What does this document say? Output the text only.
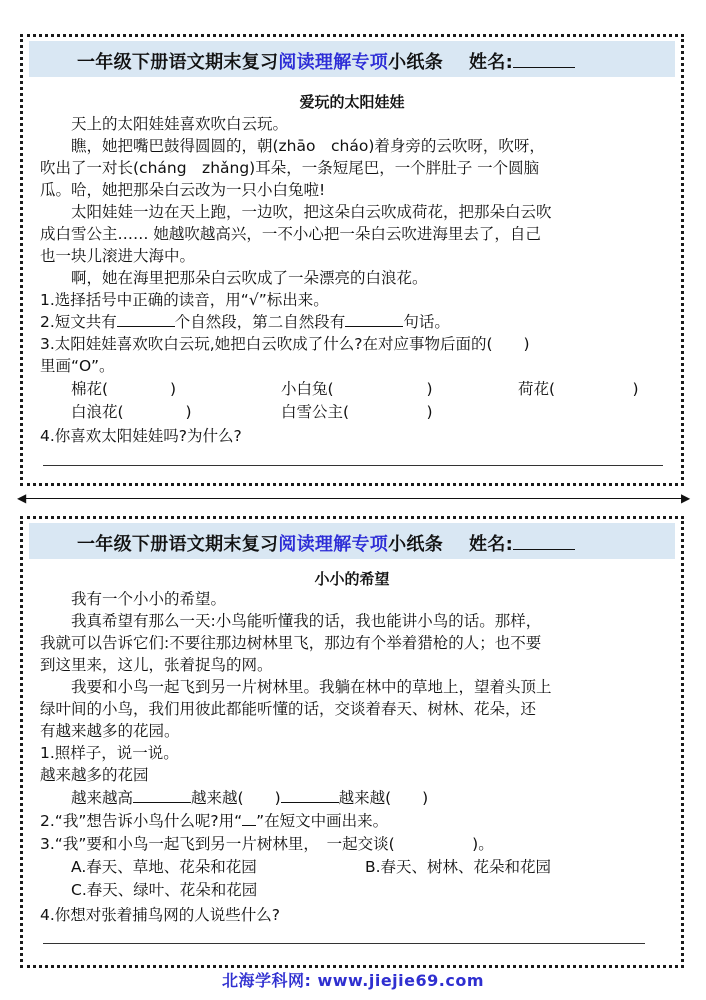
一年级下册语文期末复习阅读理解专项小纸条 姓名:
爱玩的太阳娃娃
天上的太阳娃娃喜欢吹白云玩。
瞧，她把嘴巴鼓得圆圆的，朝(zhāo　cháo)着身旁的云吹呀，吹呀，
吹出了一对长(cháng　zhǎng)耳朵，一条短尾巴，一个胖肚子 一个圆脑
瓜。哈，她把那朵白云改为一只小白兔啦!
太阳娃娃一边在天上跑，一边吹，把这朵白云吹成荷花，把那朵白云吹
成白雪公主…… 她越吹越高兴，一不小心把一朵白云吹进海里去了，自己
也一块儿滚进大海中。
啊，她在海里把那朵白云吹成了一朵漂亮的白浪花。
1.选择括号中正确的读音，用“√”标出来。
2.短文共有	个自然段，第二自然段有	句话。
3.太阳娃娃喜欢吹白云玩,她把白云吹成了什么?在对应事物后面的(　　)
里画“O”。
棉花(　　　　)	小白兔(　　　　　　)	荷花(　　　　　)
白浪花(　　　　)	白雪公主(　　　　　)
4.你喜欢太阳娃娃吗?为什么?
◀	▶
一年级下册语文期末复习阅读理解专项小纸条 姓名:
小小的希望
我有一个小小的希望。
我真希望有那么一天:小鸟能听懂我的话，我也能讲小鸟的话。那样，
我就可以告诉它们:不要往那边树林里飞，那边有个举着猎枪的人；也不要
到这里来，这儿，张着捉鸟的网。
我要和小鸟一起飞到另一片树林里。我躺在林中的草地上，望着头顶上
绿叶间的小鸟，我们用彼此都能听懂的话，交谈着春天、树林、花朵，还
有越来越多的花园。
1.照样子，说一说。
越来越多的花园
越来越高	越来越(　　)	越来越(　　)
2.“我”想告诉小鸟什么呢?用“ ”在短文中画出来。
3.“我”要和小鸟一起飞到另一片树林里，　一起交谈(　　　　　)。
A.春天、草地、花朵和花园	B.春天、树林、花朵和花园
C.春天、绿叶、花朵和花园
4.你想对张着捕鸟网的人说些什么?
北海学科网: www.jiejie69.com
